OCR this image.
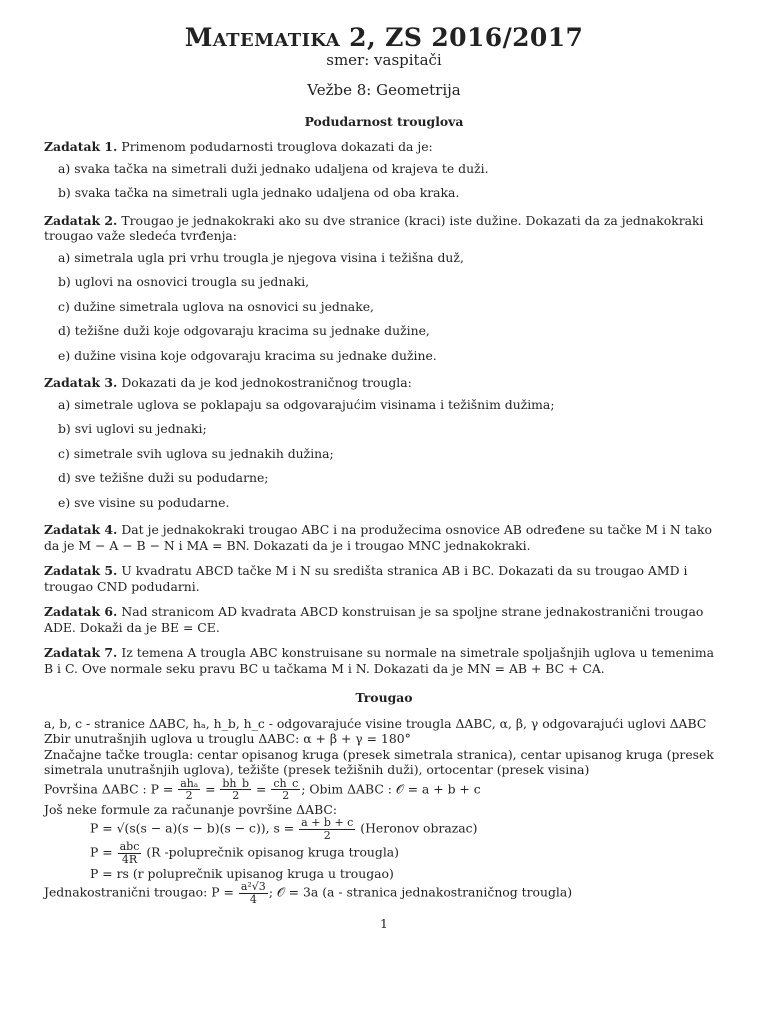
Matematika 2, ZS 2016/2017

smer: vaspitači

Vežbe 8: Geometrija

Podudarnost trouglova

Zadatak 1. Primenom podudarnosti trouglova dokazati da je:

a) svaka tačka na simetrali duži jednako udaljena od krajeva te duži.
b) svaka tačka na simetrali ugla jednako udaljena od oba kraka.

Zadatak 2. Trougao je jednakokraki ako su dve stranice (kraci) iste dužine. Dokazati da za jednakokraki trougao važe sledeća tvrđenja:

a) simetrala ugla pri vrhu trougla je njegova visina i težišna duž,
b) uglovi na osnovici trougla su jednaki,
c) dužine simetrala uglova na osnovici su jednake,
d) težišne duži koje odgovaraju kracima su jednake dužine,
e) dužine visina koje odgovaraju kracima su jednake dužine.

Zadatak 3. Dokazati da je kod jednokostraničnog trougla:

a) simetrale uglova se poklapaju sa odgovarajućim visinama i težišnim dužima;
b) svi uglovi su jednaki;
c) simetrale svih uglova su jednakih dužina;
d) sve težišne duži su podudarne;
e) sve visine su podudarne.

Zadatak 4. Dat je jednakokraki trougao ABC i na produžecima osnovice AB određene su tačke M i N tako da je M − A − B − N i MA = BN. Dokazati da je i trougao MNC jednakokraki.

Zadatak 5. U kvadratu ABCD tačke M i N su središta stranica AB i BC. Dokazati da su trougao AMD i trougao CND podudarni.

Zadatak 6. Nad stranicom AD kvadrata ABCD konstruisan je sa spoljne strane jednakostranični trougao ADE. Dokaži da je BE = CE.

Zadatak 7. Iz temena A trougla ABC konstruisane su normale na simetrale spoljašnjih uglova u temenima B i C. Ove normale seku pravu BC u tačkama M i N. Dokazati da je MN = AB + BC + CA.

Trougao

a, b, c - stranice ΔABC, hₐ, h_b, h_c - odgovarajuće visine trougla ΔABC, α, β, γ odgovarajući uglovi ΔABC

Zbir unutrašnjih uglova u trouglu ΔABC: α + β + γ = 180°

Značajne tačke trougla: centar opisanog kruga (presek simetrala stranica), centar upisanog kruga (presek simetrala unutrašnjih uglova), težište (presek težišnih duži), ortocentar (presek visina)

Površina ΔABC : $P = \frac{\text{ahₐ}}{2} = \frac{bh\_b}{2} = \frac{ch\_c}{2}$ ; Obim ΔABC : 𝒪 = a + b + c

Još neke formule za računanje površine ΔABC:

P = √(s(s − a)(s − b)(s − c)), $s = \frac{a + b + c}{2}$ (Heronov obrazac)

$P = \frac{\text{abc}}{4R} (R$ -poluprečnik opisanog kruga trougla)

P = rs (r poluprečnik upisanog kruga u trougao)

Jednakostranični trougao: $P = \frac{\text{a²√3}}{4}$ ; 𝒪 = 3a (a - stranica jednakostraničnog trougla)

1
